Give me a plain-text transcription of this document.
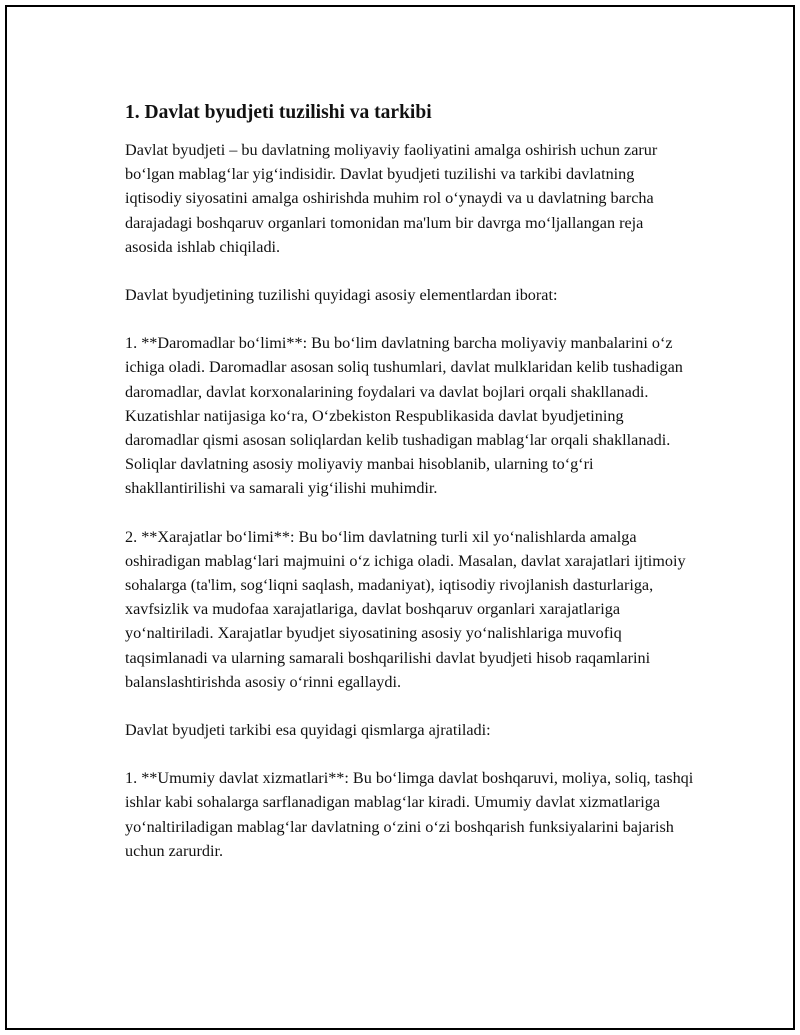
1. Davlat byudjeti tuzilishi va tarkibi

Davlat byudjeti – bu davlatning moliyaviy faoliyatini amalga oshirish uchun zarur bo‘lgan mablag‘lar yig‘indisidir. Davlat byudjeti tuzilishi va tarkibi davlatning iqtisodiy siyosatini amalga oshirishda muhim rol o‘ynaydi va u davlatning barcha darajadagi boshqaruv organlari tomonidan ma'lum bir davrga mo‘ljallangan reja asosida ishlab chiqiladi.

Davlat byudjetining tuzilishi quyidagi asosiy elementlardan iborat:

1. **Daromadlar bo‘limi**: Bu bo‘lim davlatning barcha moliyaviy manbalarini o‘z ichiga oladi. Daromadlar asosan soliq tushumlari, davlat mulklaridan kelib tushadigan daromadlar, davlat korxonalarining foydalari va davlat bojlari orqali shakllanadi. Kuzatishlar natijasiga ko‘ra, O‘zbekiston Respublikasida davlat byudjetining daromadlar qismi asosan soliqlardan kelib tushadigan mablag‘lar orqali shakllanadi. Soliqlar davlatning asosiy moliyaviy manbai hisoblanib, ularning to‘g‘ri shakllantirilishi va samarali yig‘ilishi muhimdir.

2. **Xarajatlar bo‘limi**: Bu bo‘lim davlatning turli xil yo‘nalishlarda amalga oshiradigan mablag‘lari majmuini o‘z ichiga oladi. Masalan, davlat xarajatlari ijtimoiy sohalarga (ta'lim, sog‘liqni saqlash, madaniyat), iqtisodiy rivojlanish dasturlariga, xavfsizlik va mudofaa xarajatlariga, davlat boshqaruv organlari xarajatlariga yo‘naltiriladi. Xarajatlar byudjet siyosatining asosiy yo‘nalishlariga muvofiq taqsimlanadi va ularning samarali boshqarilishi davlat byudjeti hisob raqamlarini balanslashtirishda asosiy o‘rinni egallaydi.

Davlat byudjeti tarkibi esa quyidagi qismlarga ajratiladi:

1. **Umumiy davlat xizmatlari**: Bu bo‘limga davlat boshqaruvi, moliya, soliq, tashqi ishlar kabi sohalarga sarflanadigan mablag‘lar kiradi. Umumiy davlat xizmatlariga yo‘naltiriladigan mablag‘lar davlatning o‘zini o‘zi boshqarish funksiyalarini bajarish uchun zarurdir.
